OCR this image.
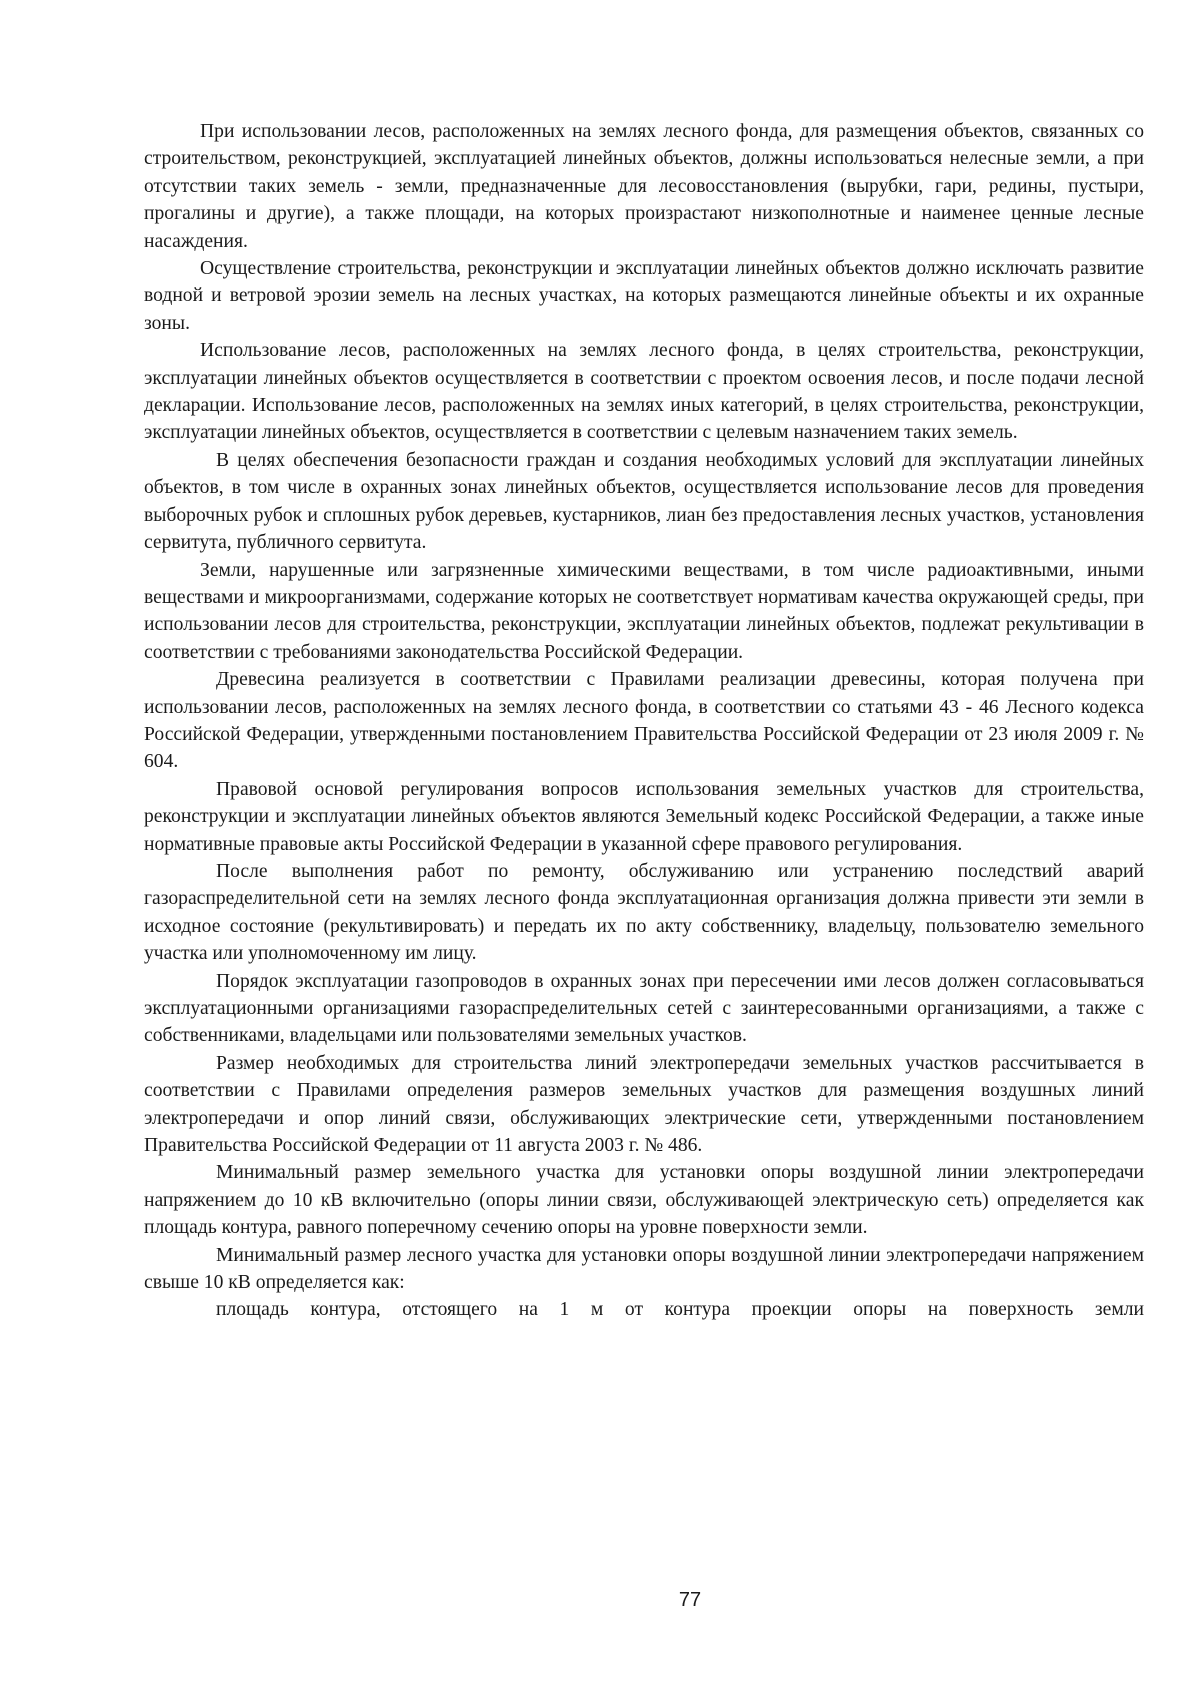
При использовании лесов, расположенных на землях лесного фонда, для размещения объектов, связанных со строительством, реконструкцией, эксплуатацией линейных объектов, должны использоваться нелесные земли, а при отсутствии таких земель - земли, предназначенные для лесовосстановления (вырубки, гари, редины, пустыри, прогалины и другие), а также площади, на которых произрастают низкополнотные и наименее ценные лесные насаждения.

Осуществление строительства, реконструкции и эксплуатации линейных объектов должно исключать развитие водной и ветровой эрозии земель на лесных участках, на которых размещаются линейные объекты и их охранные зоны.

Использование лесов, расположенных на землях лесного фонда, в целях строительства, реконструкции, эксплуатации линейных объектов осуществляется в соответствии с проектом освоения лесов, и после подачи лесной декларации. Использование лесов, расположенных на землях иных категорий, в целях строительства, реконструкции, эксплуатации линейных объектов, осуществляется в соответствии с целевым назначением таких земель.

В целях обеспечения безопасности граждан и создания необходимых условий для эксплуатации линейных объектов, в том числе в охранных зонах линейных объектов, осуществляется использование лесов для проведения выборочных рубок и сплошных рубок деревьев, кустарников, лиан без предоставления лесных участков, установления сервитута, публичного сервитута.

Земли, нарушенные или загрязненные химическими веществами, в том числе радиоактивными, иными веществами и микроорганизмами, содержание которых не соответствует нормативам качества окружающей среды, при использовании лесов для строительства, реконструкции, эксплуатации линейных объектов, подлежат рекультивации в соответствии с требованиями законодательства Российской Федерации.

Древесина реализуется в соответствии с Правилами реализации древесины, которая получена при использовании лесов, расположенных на землях лесного фонда, в соответствии со статьями 43 - 46 Лесного кодекса Российской Федерации, утвержденными постановлением Правительства Российской Федерации от 23 июля 2009 г. № 604.

Правовой основой регулирования вопросов использования земельных участков для строительства, реконструкции и эксплуатации линейных объектов являются Земельный кодекс Российской Федерации, а также иные нормативные правовые акты Российской Федерации в указанной сфере правового регулирования.

После выполнения работ по ремонту, обслуживанию или устранению последствий аварий газораспределительной сети на землях лесного фонда эксплуатационная организация должна привести эти земли в исходное состояние (рекультивировать) и передать их по акту собственнику, владельцу, пользователю земельного участка или уполномоченному им лицу.

Порядок эксплуатации газопроводов в охранных зонах при пересечении ими лесов должен согласовываться эксплуатационными организациями газораспределительных сетей с заинтересованными организациями, а также с собственниками, владельцами или пользователями земельных участков.

Размер необходимых для строительства линий электропередачи земельных участков рассчитывается в соответствии с Правилами определения размеров земельных участков для размещения воздушных линий электропередачи и опор линий связи, обслуживающих электрические сети, утвержденными постановлением Правительства Российской Федерации от 11 августа 2003 г. № 486.

Минимальный размер земельного участка для установки опоры воздушной линии электропередачи напряжением до 10 кВ включительно (опоры линии связи, обслуживающей электрическую сеть) определяется как площадь контура, равного поперечному сечению опоры на уровне поверхности земли.

Минимальный размер лесного участка для установки опоры воздушной линии электропередачи напряжением свыше 10 кВ определяется как:

площадь контура, отстоящего на 1 м от контура проекции опоры на поверхность земли

77
